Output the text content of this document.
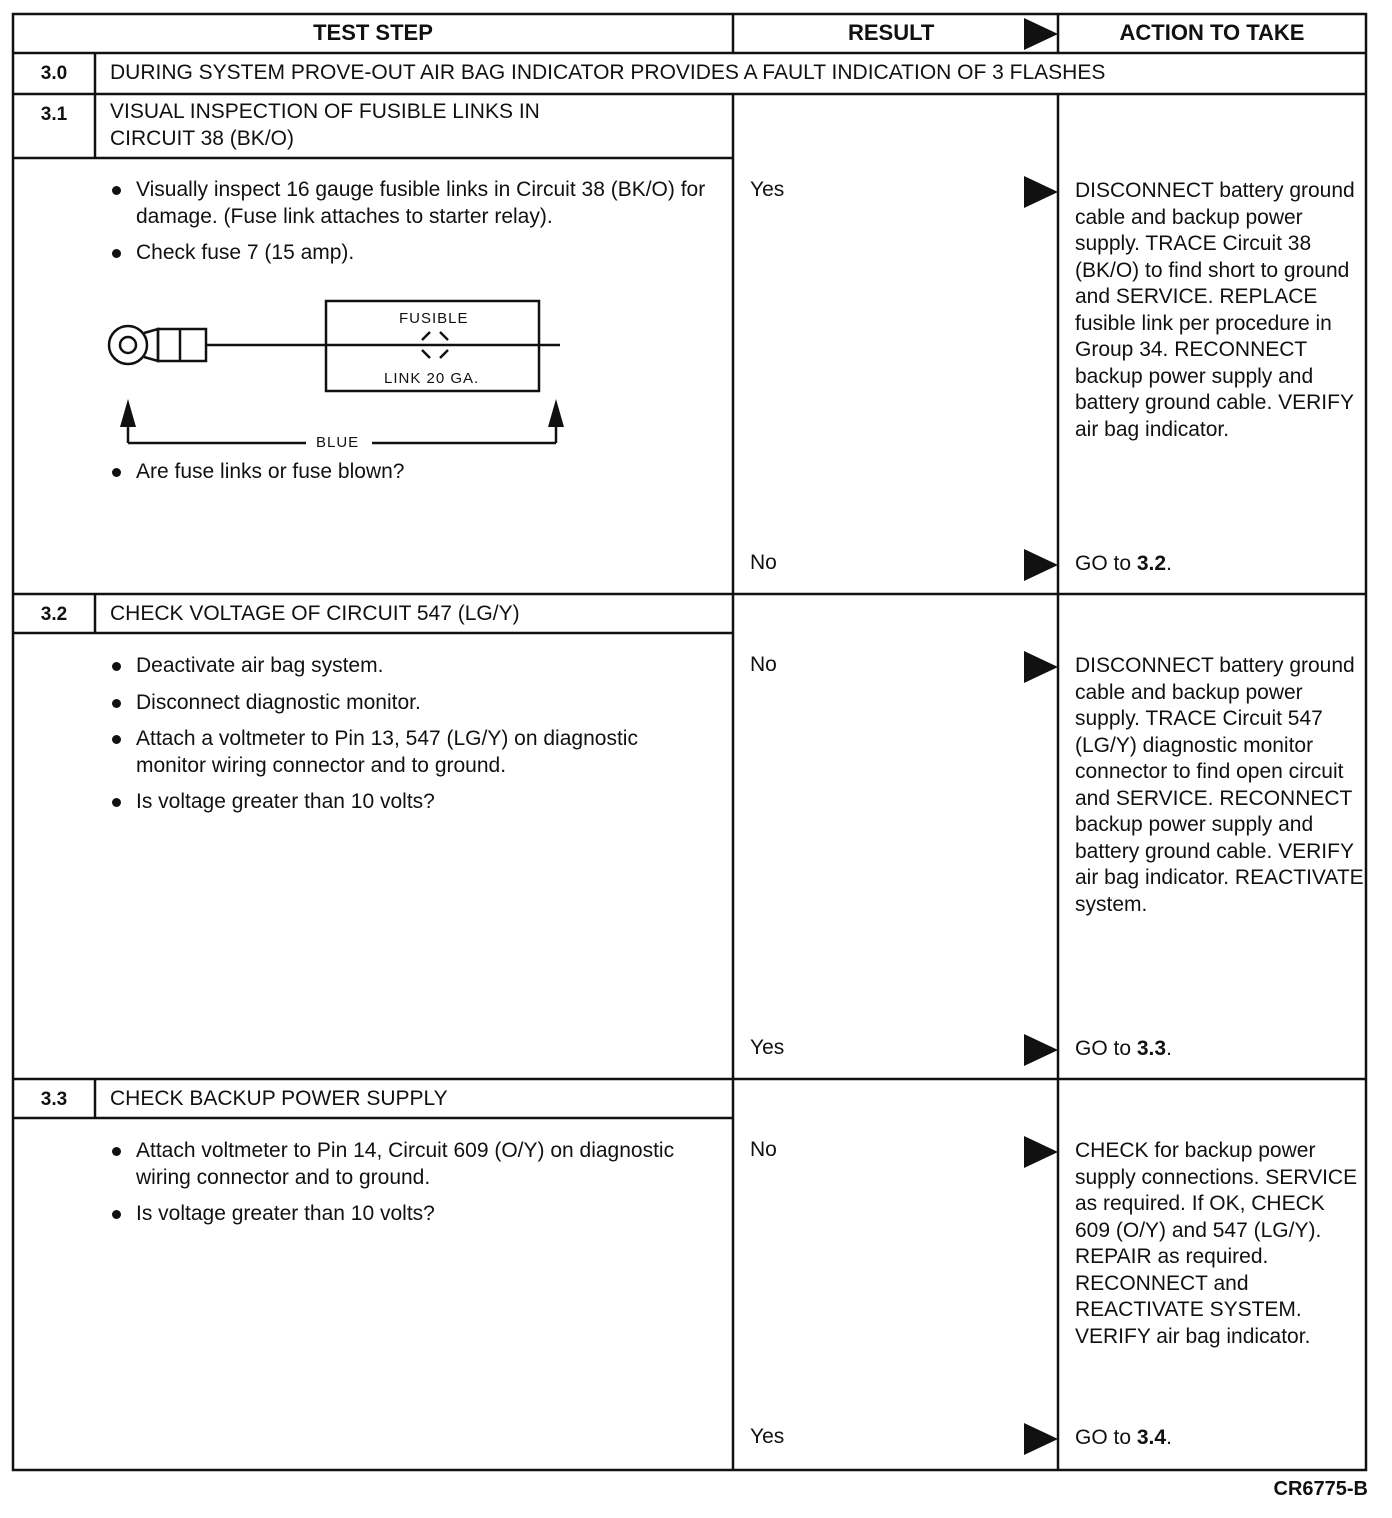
TEST STEP	RESULT	ACTION TO TAKE
3.0	DURING SYSTEM PROVE-OUT AIR BAG INDICATOR PROVIDES A FAULT INDICATION OF 3 FLASHES
3.1	VISUAL INSPECTION OF FUSIBLE LINKS IN
CIRCUIT 38 (BK/O)
Visually inspect 16 gauge fusible links in Circuit 38 (BK/O) for damage. (Fuse link attaches to starter relay).
Check fuse 7 (15 amp).
FUSIBLE
LINK 20 GA.
BLUE
Are fuse links or fuse blown?
Yes	DISCONNECT battery ground cable and backup power supply. TRACE Circuit 38 (BK/O) to find short to ground and SERVICE. REPLACE fusible link per procedure in Group 34. RECONNECT backup power supply and battery ground cable. VERIFY air bag indicator.
No	GO to 3.2.
3.2	CHECK VOLTAGE OF CIRCUIT 547 (LG/Y)
Deactivate air bag system.
Disconnect diagnostic monitor.
Attach a voltmeter to Pin 13, 547 (LG/Y) on diagnostic monitor wiring connector and to ground.
Is voltage greater than 10 volts?
No	DISCONNECT battery ground cable and backup power supply. TRACE Circuit 547 (LG/Y) diagnostic monitor connector to find open circuit and SERVICE. RECONNECT backup power supply and battery ground cable. VERIFY air bag indicator. REACTIVATE system.
Yes	GO to 3.3.
3.3	CHECK BACKUP POWER SUPPLY
Attach voltmeter to Pin 14, Circuit 609 (O/Y) on diagnostic wiring connector and to ground.
Is voltage greater than 10 volts?
No	CHECK for backup power supply connections. SERVICE as required. If OK, CHECK 609 (O/Y) and 547 (LG/Y). REPAIR as required. RECONNECT and REACTIVATE SYSTEM. VERIFY air bag indicator.
Yes	GO to 3.4.
CR6775-B
